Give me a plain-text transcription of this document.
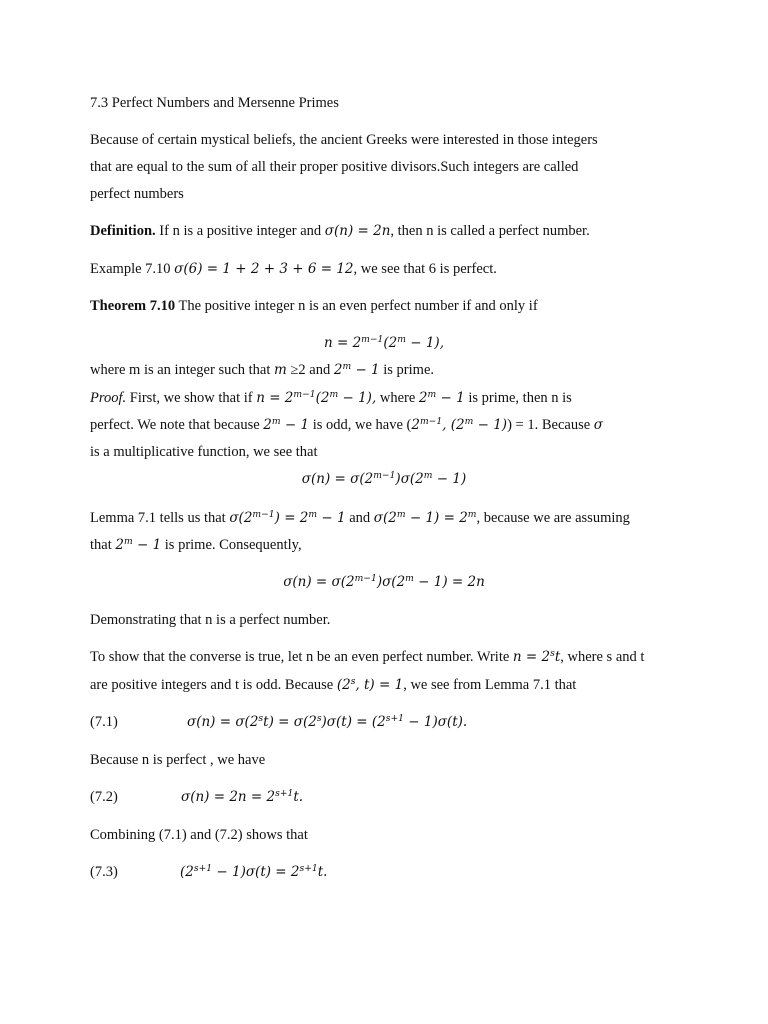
7.3 Perfect Numbers and Mersenne Primes
Because of certain mystical beliefs, the ancient Greeks were interested in those integers
that are equal to the sum of all their proper positive divisors.Such integers are called
perfect numbers
Definition. If n is a positive integer and σ(n) = 2n, then n is called a perfect number.
Example 7.10 σ(6) = 1 + 2 + 3 + 6 = 12, we see that 6 is perfect.
Theorem 7.10 The positive integer n is an even perfect number if and only if
$n = 2^{m-1}(2^m - 1)$,
where m is an integer such that m ≥2 and $2^m - 1$ is prime.
Proof. First, we show that if $n = 2^{m-1}(2^m - 1)$, where $2^m - 1$ is prime, then n is
perfect. We note that because $2^m - 1$ is odd, we have ($2^{m-1}$, $(2^m - 1)) = 1$. Because σ
is a multiplicative function, we see that
$\sigma(n) = \sigma(2^{m-1})\sigma(2^m - 1)$
Lemma 7.1 tells us that $\sigma(2^{m-1}) = 2^m - 1$ and $\sigma(2^m - 1) = 2^m$, because we are assuming
that $2^m - 1$ is prime. Consequently,
$\sigma(n) = \sigma(2^{m-1})\sigma(2^m - 1) = 2n$
Demonstrating that n is a perfect number.
To show that the converse is true, let n be an even perfect number. Write $n = 2^st$, where s and t
are positive integers and t is odd. Because (2$^s$, t) = 1, we see from Lemma 7.1 that
(7.1)	$\sigma(n) = \sigma(2^st) = \sigma(2^s)\sigma(t) = (2^{s+1} - 1)\sigma(t)$.
Because n is perfect , we have
(7.2)	$\sigma(n) = 2n = 2^{s+1}t$.
Combining (7.1) and (7.2) shows that
(7.3)	$(2^{s+1} - 1)\sigma(t) = 2^{s+1}t$.
